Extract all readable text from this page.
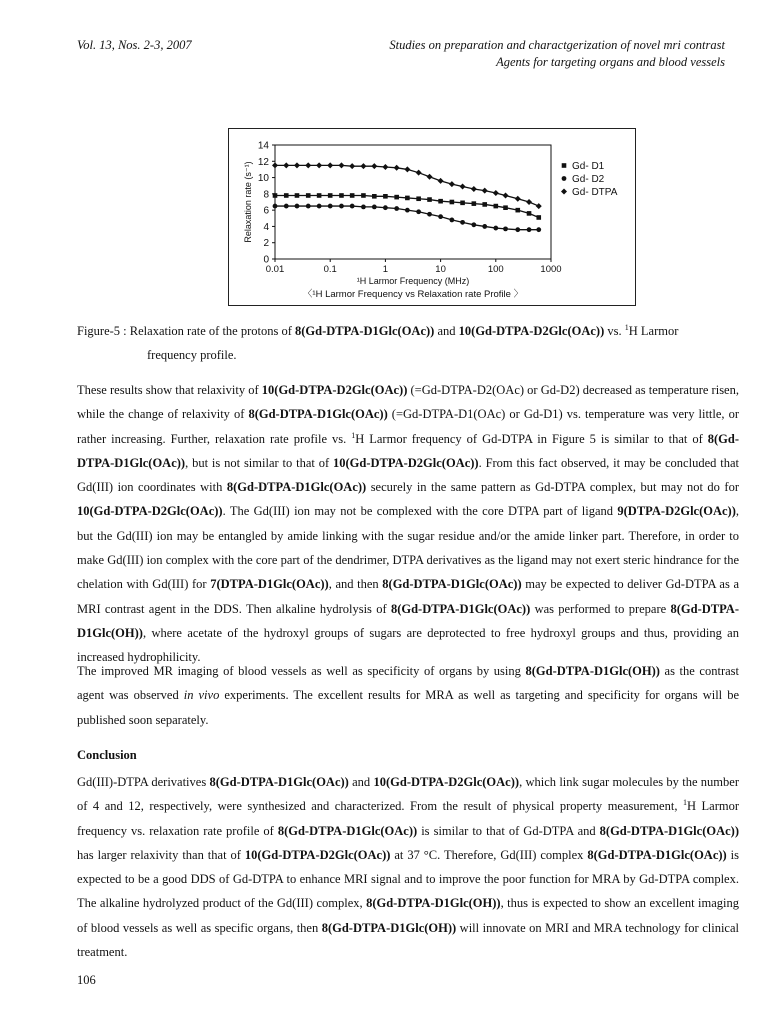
Vol. 13, Nos. 2-3, 2007	Studies on preparation and charactgerization of novel mri contrast
Agents for targeting organs and blood vessels
0
2
4
6
8
10
12
14
0.01	0.1	1	10	100	1000
¹H Larmor Frequency (MHz)
Relaxation rate (s⁻¹)
〈¹H Larmor Frequency vs Relaxation rate Profile 〉
Gd- D1
Gd- D2
Gd- DTPA
Figure-5 : Relaxation rate of the protons of 8(Gd-DTPA-D1Glc(OAc)) and 10(Gd-DTPA-D2Glc(OAc)) vs. $^1$H Larmor
frequency profile.
These results show that relaxivity of 10(Gd-DTPA-D2Glc(OAc)) (=Gd-DTPA-D2(OAc) or Gd-D2) decreased as temperature risen, while the change of relaxivity of 8(Gd-DTPA-D1Glc(OAc)) (=Gd-DTPA-D1(OAc) or Gd-D1) vs. temperature was very little, or rather increasing. Further, relaxation rate profile vs. $^1$H Larmor frequency of Gd-DTPA in Figure 5 is similar to that of 8(Gd-DTPA-D1Glc(OAc)), but is not similar to that of 10(Gd-DTPA-D2Glc(OAc)). From this fact observed, it may be concluded that Gd(III) ion coordinates with 8(Gd-DTPA-D1Glc(OAc)) securely in the same pattern as Gd-DTPA complex, but may not do for 10(Gd-DTPA-D2Glc(OAc)). The Gd(III) ion may not be complexed with the core DTPA part of ligand 9(DTPA-D2Glc(OAc)), but the Gd(III) ion may be entangled by amide linking with the sugar residue and/or the amide linker part. Therefore, in order to make Gd(III) ion complex with the core part of the dendrimer, DTPA derivatives as the ligand may not exert steric hindrance for the chelation with Gd(III) for 7(DTPA-D1Glc(OAc)), and then 8(Gd-DTPA-D1Glc(OAc)) may be expected to deliver Gd-DTPA as a MRI contrast agent in the DDS. Then alkaline hydrolysis of 8(Gd-DTPA-D1Glc(OAc)) was performed to prepare 8(Gd-DTPA-D1Glc(OH)), where acetate of the hydroxyl groups of sugars are deprotected to free hydroxyl groups and thus, providing an increased hydrophilicity.
The improved MR imaging of blood vessels as well as specificity of organs by using 8(Gd-DTPA-D1Glc(OH)) as the contrast agent was observed in vivo experiments. The excellent results for MRA as well as targeting and specificity for organs will be published soon separately.
Conclusion
Gd(III)-DTPA derivatives 8(Gd-DTPA-D1Glc(OAc)) and 10(Gd-DTPA-D2Glc(OAc)), which link sugar molecules by the number of 4 and 12, respectively, were synthesized and characterized. From the result of physical property measurement, $^1$H Larmor frequency vs. relaxation rate profile of 8(Gd-DTPA-D1Glc(OAc)) is similar to that of Gd-DTPA and 8(Gd-DTPA-D1Glc(OAc)) has larger relaxivity than that of 10(Gd-DTPA-D2Glc(OAc)) at 37 °C. Therefore, Gd(III) complex 8(Gd-DTPA-D1Glc(OAc)) is expected to be a good DDS of Gd-DTPA to enhance MRI signal and to improve the poor function for MRA by Gd-DTPA complex. The alkaline hydrolyzed product of the Gd(III) complex, 8(Gd-DTPA-D1Glc(OH)), thus is expected to show an excellent imaging of blood vessels as well as specific organs, then 8(Gd-DTPA-D1Glc(OH)) will innovate on MRI and MRA technology for clinical treatment.
106
